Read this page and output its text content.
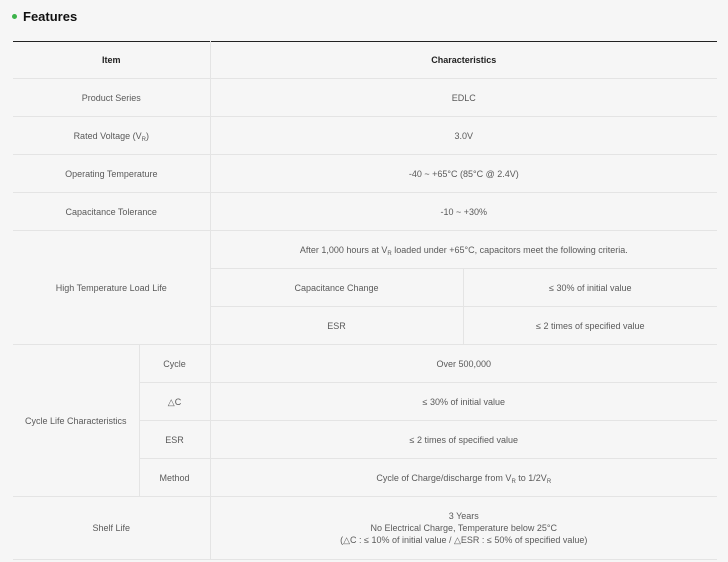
Features
Item		Characteristics	
Product Series		EDLC	
Rated Voltage $(V_R)$		3.0V	
Operating Temperature		-40 ~ +65°C (85°C @ 2.4V)	
Capacitance Tolerance		-10 ~ +30%	
High Temperature Load Life		After 1,000 hours at $V_R$ loaded under +65°C, capacitors meet the following criteria.	
		Capacitance Change	≤ 30% of initial value
		ESR	≤ 2 times of specified value
Cycle Life Characteristics	Cycle	Over 500,000	
	△C	≤ 30% of initial value	
	ESR	≤ 2 times of specified value	
	Method	Cycle of Charge/discharge from $V_R$ to $1/2V_R$
Shelf Life		3 Years
No Electrical Charge, Temperature below 25°C
(△C : ≤ 10% of initial value / △ESR : ≤ 50% of specified value)	
